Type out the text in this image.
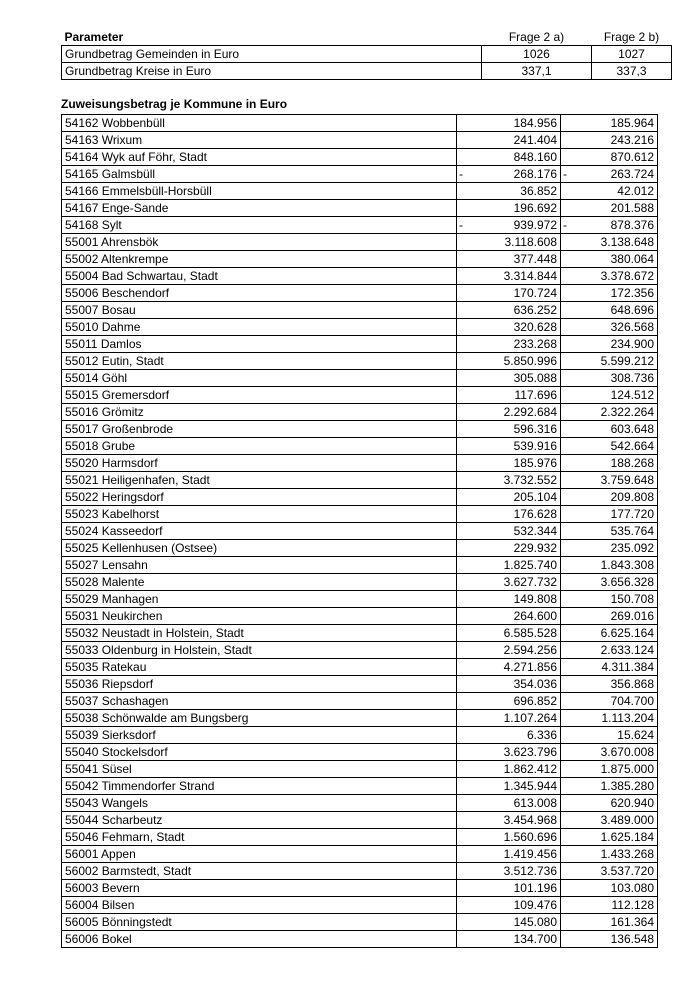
Parameter	Frage 2 a)	Frage 2 b)
Grundbetrag Gemeinden in Euro	1026	1027
Grundbetrag Kreise in Euro	337,1	337,3
Zuweisungsbetrag je Kommune in Euro
54162 Wobbenbüll	184.956	185.964
54163 Wrixum	241.404	243.216
54164 Wyk auf Föhr, Stadt	848.160	870.612
54165 Galmsbüll	- 268.176	- 263.724
54166 Emmelsbüll-Horsbüll	36.852	42.012
54167 Enge-Sande	196.692	201.588
54168 Sylt	- 939.972	- 878.376
55001 Ahrensbök	3.118.608	3.138.648
55002 Altenkrempe	377.448	380.064
55004 Bad Schwartau, Stadt	3.314.844	3.378.672
55006 Beschendorf	170.724	172.356
55007 Bosau	636.252	648.696
55010 Dahme	320.628	326.568
55011 Damlos	233.268	234.900
55012 Eutin, Stadt	5.850.996	5.599.212
55014 Göhl	305.088	308.736
55015 Gremersdorf	117.696	124.512
55016 Grömitz	2.292.684	2.322.264
55017 Großenbrode	596.316	603.648
55018 Grube	539.916	542.664
55020 Harmsdorf	185.976	188.268
55021 Heiligenhafen, Stadt	3.732.552	3.759.648
55022 Heringsdorf	205.104	209.808
55023 Kabelhorst	176.628	177.720
55024 Kasseedorf	532.344	535.764
55025 Kellenhusen (Ostsee)	229.932	235.092
55027 Lensahn	1.825.740	1.843.308
55028 Malente	3.627.732	3.656.328
55029 Manhagen	149.808	150.708
55031 Neukirchen	264.600	269.016
55032 Neustadt in Holstein, Stadt	6.585.528	6.625.164
55033 Oldenburg in Holstein, Stadt	2.594.256	2.633.124
55035 Ratekau	4.271.856	4.311.384
55036 Riepsdorf	354.036	356.868
55037 Schashagen	696.852	704.700
55038 Schönwalde am Bungsberg	1.107.264	1.113.204
55039 Sierksdorf	6.336	15.624
55040 Stockelsdorf	3.623.796	3.670.008
55041 Süsel	1.862.412	1.875.000
55042 Timmendorfer Strand	1.345.944	1.385.280
55043 Wangels	613.008	620.940
55044 Scharbeutz	3.454.968	3.489.000
55046 Fehmarn, Stadt	1.560.696	1.625.184
56001 Appen	1.419.456	1.433.268
56002 Barmstedt, Stadt	3.512.736	3.537.720
56003 Bevern	101.196	103.080
56004 Bilsen	109.476	112.128
56005 Bönningstedt	145.080	161.364
56006 Bokel	134.700	136.548
